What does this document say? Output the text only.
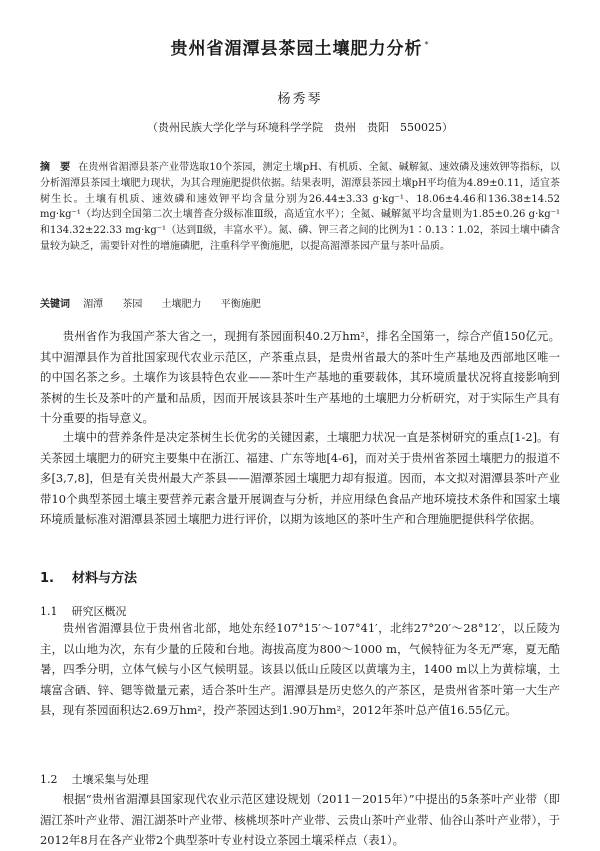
贵州省湄潭县茶园土壤肥力分析 *
杨秀琴
（贵州民族大学化学与环境科学学院　贵州　贵阳　550025）
摘　要 在贵州省湄潭县茶产业带选取10个茶园，测定土壤pH、有机质、全氮、碱解氮、速效磷及速效钾等指标，以分析湄潭县茶园土壤肥力现状，为其合理施肥提供依据。结果表明，湄潭县茶园土壤pH平均值为4.89±0.11，适宜茶树生长。土壤有机质、速效磷和速效钾平均含量分别为26.44±3.33 g·kg⁻¹、18.06±4.46和136.38±14.52 mg·kg⁻¹（均达到全国第二次土壤普查分级标准Ⅲ级，高适宜水平）；全氮、碱解氮平均含量则为1.85±0.26 g·kg⁻¹和134.32±22.33 mg·kg⁻¹（达到Ⅱ级，丰富水平）。氮、磷、钾三者之间的比例为1∶0.13∶1.02，茶园土壤中磷含量较为缺乏，需要针对性的增施磷肥，注重科学平衡施肥，以提高湄潭茶园产量与茶叶品质。
关键词 湄潭 茶园 土壤肥力 平衡施肥

贵州省作为我国产茶大省之一，现拥有茶园面积40.2万hm²，排名全国第一，综合产值150亿元。其中湄潭县作为首批国家现代农业示范区，产茶重点县，是贵州省最大的茶叶生产基地及西部地区唯一的中国名茶之乡。土壤作为该县特色农业——茶叶生产基地的重要载体，其环境质量状况将直接影响到茶树的生长及茶叶的产量和品质，因而开展该县茶叶生产基地的土壤肥力分析研究，对于实际生产具有十分重要的指导意义。

土壤中的营养条件是决定茶树生长优劣的关键因素，土壤肥力状况一直是茶树研究的重点[1-2]。有关茶园土壤肥力的研究主要集中在浙江、福建、广东等地[4-6]，而对关于贵州省茶园土壤肥力的报道不多[3,7,8]，但是有关贵州最大产茶县——湄潭茶园土壤肥力却有报道。因而，本文拟对湄潭县茶叶产业带10个典型茶园土壤主要营养元素含量开展调查与分析，并应用绿色食品产地环境技术条件和国家土壤环境质量标准对湄潭县茶园土壤肥力进行评价，以期为该地区的茶叶生产和合理施肥提供科学依据。

1. 材料与方法
1.1 研究区概况

贵州省湄潭县位于贵州省北部，地处东经107°15′～107°41′，北纬27°20′～28°12′，以丘陵为主，以山地为次，东有少量的丘陵和台地。海拔高度为800～1000 m，气候特征为冬无严寒，夏无酷暑，四季分明，立体气候与小区气候明显。该县以低山丘陵区以黄壤为主，1400 m以上为黄棕壤，土壤富含硒、锌、锶等微量元素，适合茶叶生产。湄潭县是历史悠久的产茶区，是贵州省茶叶第一大生产县，现有茶园面积达2.69万hm²，投产茶园达到1.90万hm²，2012年茶叶总产值16.55亿元。

1.2 土壤采集与处理

根据“贵州省湄潭县国家现代农业示范区建设规划（2011－2015年）”中提出的5条茶叶产业带（即湄江茶叶产业带、湄江湖茶叶产业带、核桃坝茶叶产业带、云贵山茶叶产业带、仙谷山茶叶产业带），于2012年8月在各产业带2个典型茶叶专业村设立茶园土壤采样点（表1）。
